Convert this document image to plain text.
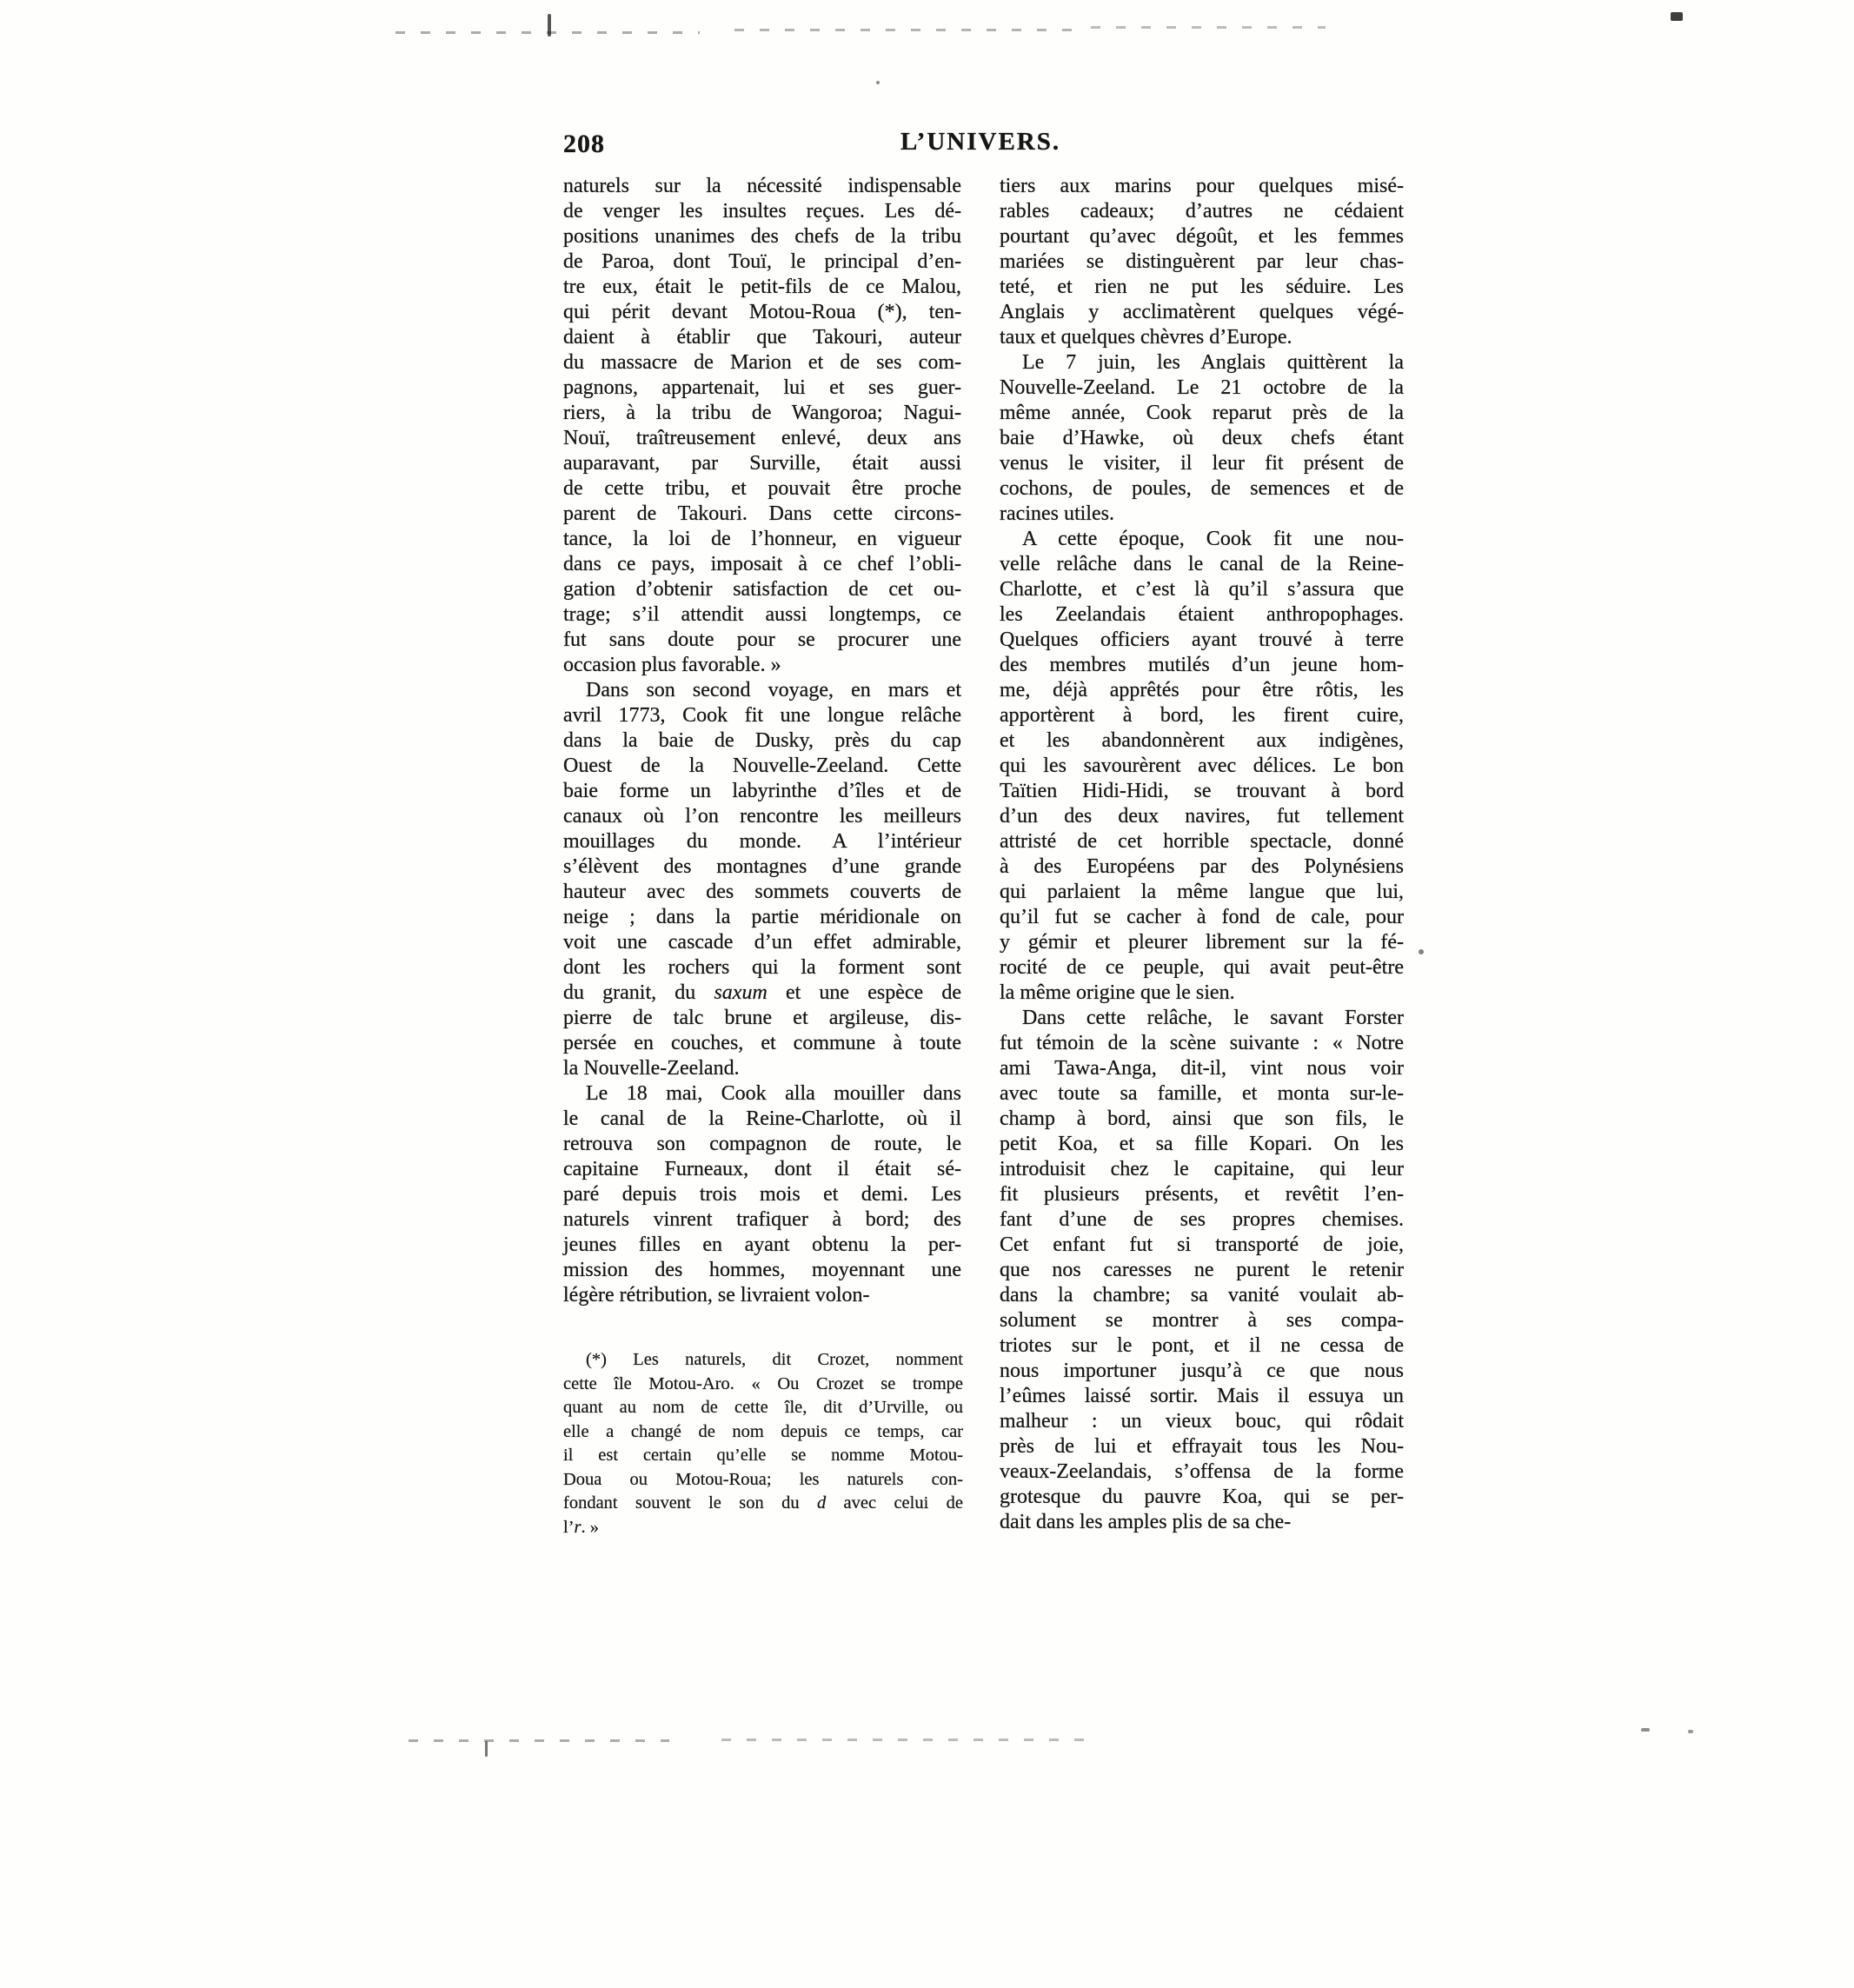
208	L’UNIVERS.
naturels sur la nécessité indispensable
de venger les insultes reçues. Les dé-
positions unanimes des chefs de la tribu
de Paroa, dont Touï, le principal d’en-
tre eux, était le petit-fils de ce Malou,
qui périt devant Motou-Roua (*), ten-
daient à établir que Takouri, auteur
du massacre de Marion et de ses com-
pagnons, appartenait, lui et ses guer-
riers, à la tribu de Wangoroa; Nagui-
Nouï, traîtreusement enlevé, deux ans
auparavant, par Surville, était aussi
de cette tribu, et pouvait être proche
parent de Takouri. Dans cette circons-
tance, la loi de l’honneur, en vigueur
dans ce pays, imposait à ce chef l’obli-
gation d’obtenir satisfaction de cet ou-
trage; s’il attendit aussi longtemps, ce
fut sans doute pour se procurer une
occasion plus favorable. »
Dans son second voyage, en mars et
avril 1773, Cook fit une longue relâche
dans la baie de Dusky, près du cap
Ouest de la Nouvelle-Zeeland. Cette
baie forme un labyrinthe d’îles et de
canaux où l’on rencontre les meilleurs
mouillages du monde. A l’intérieur
s’élèvent des montagnes d’une grande
hauteur avec des sommets couverts de
neige ; dans la partie méridionale on
voit une cascade d’un effet admirable,
dont les rochers qui la forment sont
du granit, du saxum et une espèce de
pierre de talc brune et argileuse, dis-
persée en couches, et commune à toute
la Nouvelle-Zeeland.
Le 18 mai, Cook alla mouiller dans
le canal de la Reine-Charlotte, où il
retrouva son compagnon de route, le
capitaine Furneaux, dont il était sé-
paré depuis trois mois et demi. Les
naturels vinrent trafiquer à bord; des
jeunes filles en ayant obtenu la per-
mission des hommes, moyennant une
légère rétribution, se livraient volon-
tiers aux marins pour quelques misé-
rables cadeaux; d’autres ne cédaient
pourtant qu’avec dégoût, et les femmes
mariées se distinguèrent par leur chas-
teté, et rien ne put les séduire. Les
Anglais y acclimatèrent quelques végé-
taux et quelques chèvres d’Europe.
Le 7 juin, les Anglais quittèrent la
Nouvelle-Zeeland. Le 21 octobre de la
même année, Cook reparut près de la
baie d’Hawke, où deux chefs étant
venus le visiter, il leur fit présent de
cochons, de poules, de semences et de
racines utiles.
A cette époque, Cook fit une nou-
velle relâche dans le canal de la Reine-
Charlotte, et c’est là qu’il s’assura que
les Zeelandais étaient anthropophages.
Quelques officiers ayant trouvé à terre
des membres mutilés d’un jeune hom-
me, déjà apprêtés pour être rôtis, les
apportèrent à bord, les firent cuire,
et les abandonnèrent aux indigènes,
qui les savourèrent avec délices. Le bon
Taïtien Hidi-Hidi, se trouvant à bord
d’un des deux navires, fut tellement
attristé de cet horrible spectacle, donné
à des Européens par des Polynésiens
qui parlaient la même langue que lui,
qu’il fut se cacher à fond de cale, pour
y gémir et pleurer librement sur la fé-
rocité de ce peuple, qui avait peut-être
la même origine que le sien.
Dans cette relâche, le savant Forster
fut témoin de la scène suivante : « Notre
ami Tawa-Anga, dit-il, vint nous voir
avec toute sa famille, et monta sur-le-
champ à bord, ainsi que son fils, le
petit Koa, et sa fille Kopari. On les
introduisit chez le capitaine, qui leur
fit plusieurs présents, et revêtit l’en-
fant d’une de ses propres chemises.
Cet enfant fut si transporté de joie,
que nos caresses ne purent le retenir
dans la chambre; sa vanité voulait ab-
solument se montrer à ses compa-
triotes sur le pont, et il ne cessa de
nous importuner jusqu’à ce que nous
l’eûmes laissé sortir. Mais il essuya un
malheur : un vieux bouc, qui rôdait
près de lui et effrayait tous les Nou-
veaux-Zeelandais, s’offensa de la forme
grotesque du pauvre Koa, qui se per-
dait dans les amples plis de sa che-
(*) Les naturels, dit Crozet, nomment
cette île Motou-Aro. « Ou Crozet se trompe
quant au nom de cette île, dit d’Urville, ou
elle a changé de nom depuis ce temps, car
il est certain qu’elle se nomme Motou-
Doua ou Motou-Roua; les naturels con-
fondant souvent le son du d avec celui de
l’r. »
